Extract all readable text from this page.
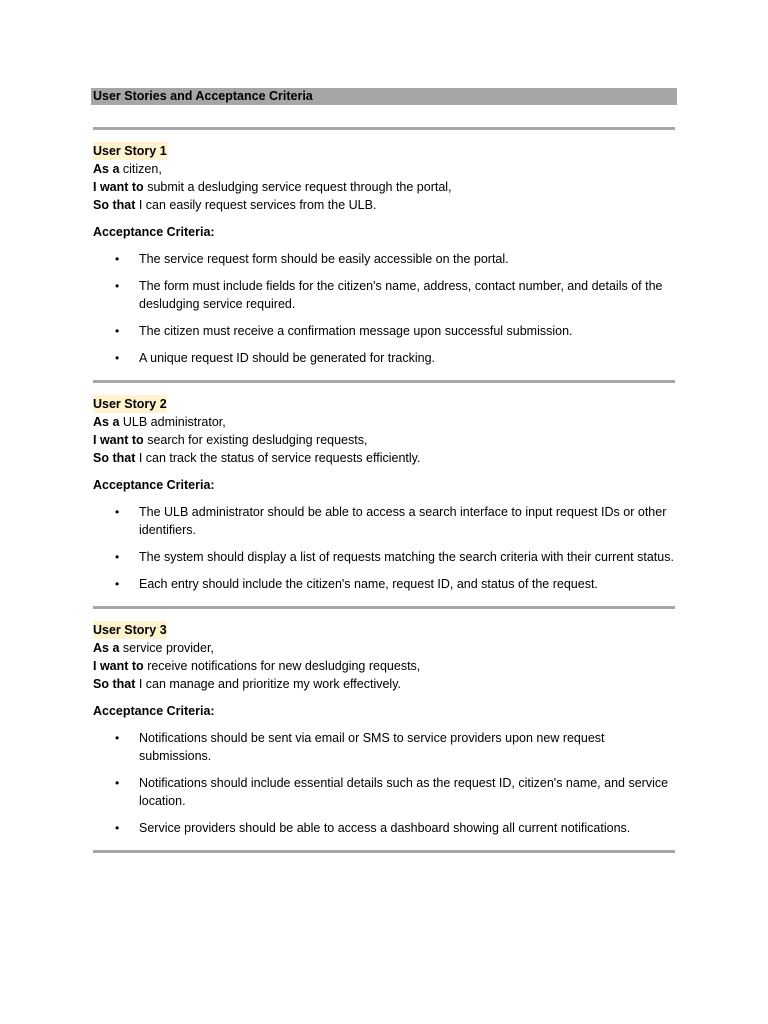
User Stories and Acceptance Criteria
User Story 1
As a citizen,
I want to submit a desludging service request through the portal,
So that I can easily request services from the ULB.
Acceptance Criteria:
• The service request form should be easily accessible on the portal.
• The form must include fields for the citizen's name, address, contact number, and details of the desludging service required.
• The citizen must receive a confirmation message upon successful submission.
• A unique request ID should be generated for tracking.
User Story 2
As a ULB administrator,
I want to search for existing desludging requests,
So that I can track the status of service requests efficiently.
Acceptance Criteria:
• The ULB administrator should be able to access a search interface to input request IDs or other identifiers.
• The system should display a list of requests matching the search criteria with their current status.
• Each entry should include the citizen's name, request ID, and status of the request.
User Story 3
As a service provider,
I want to receive notifications for new desludging requests,
So that I can manage and prioritize my work effectively.
Acceptance Criteria:
• Notifications should be sent via email or SMS to service providers upon new request submissions.
• Notifications should include essential details such as the request ID, citizen's name, and service location.
• Service providers should be able to access a dashboard showing all current notifications.
